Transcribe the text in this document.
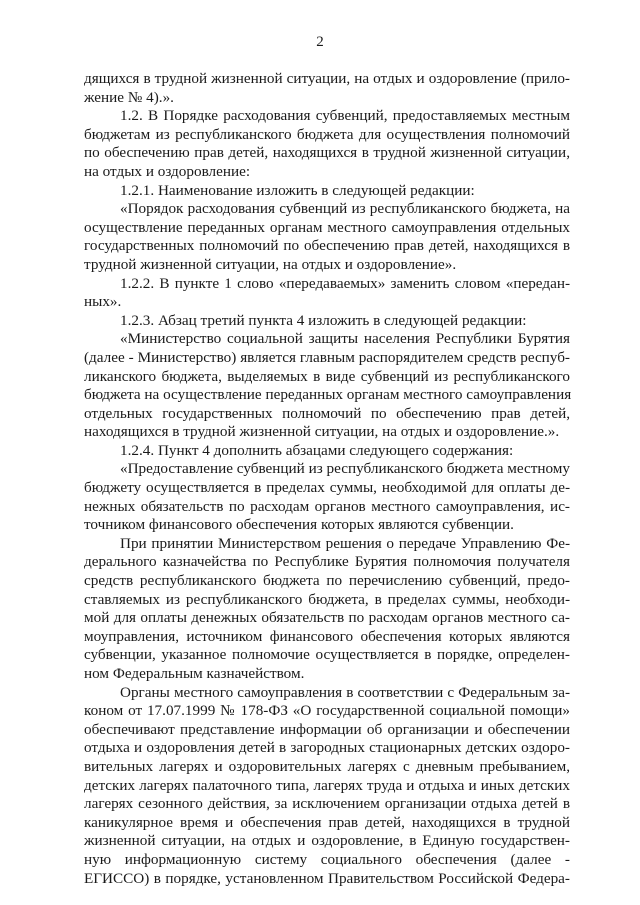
2
дящихся в трудной жизненной ситуации, на отдых и оздоровление (прило-
жение № 4).».
1.2. В Порядке расходования субвенций, предоставляемых местным
бюджетам из республиканского бюджета для осуществления полномочий
по обеспечению прав детей, находящихся в трудной жизненной ситуации,
на отдых и оздоровление:
1.2.1. Наименование изложить в следующей редакции:
«Порядок расходования субвенций из республиканского бюджета, на
осуществление переданных органам местного самоуправления отдельных
государственных полномочий по обеспечению прав детей, находящихся в
трудной жизненной ситуации, на отдых и оздоровление».
1.2.2. В пункте 1 слово «передаваемых» заменить словом «передан-
ных».
1.2.3. Абзац третий пункта 4 изложить в следующей редакции:
«Министерство социальной защиты населения Республики Бурятия
(далее - Министерство) является главным распорядителем средств респуб-
ликанского бюджета, выделяемых в виде субвенций из республиканского
бюджета на осуществление переданных органам местного самоуправления
отдельных государственных полномочий по обеспечению прав детей,
находящихся в трудной жизненной ситуации, на отдых и оздоровление.».
1.2.4. Пункт 4 дополнить абзацами следующего содержания:
«Предоставление субвенций из республиканского бюджета местному
бюджету осуществляется в пределах суммы, необходимой для оплаты де-
нежных обязательств по расходам органов местного самоуправления, ис-
точником финансового обеспечения которых являются субвенции.
При принятии Министерством решения о передаче Управлению Фе-
дерального казначейства по Республике Бурятия полномочия получателя
средств республиканского бюджета по перечислению субвенций, предо-
ставляемых из республиканского бюджета, в пределах суммы, необходи-
мой для оплаты денежных обязательств по расходам органов местного са-
моуправления, источником финансового обеспечения которых являются
субвенции, указанное полномочие осуществляется в порядке, определен-
ном Федеральным казначейством.
Органы местного самоуправления в соответствии с Федеральным за-
коном от 17.07.1999 № 178-ФЗ «О государственной социальной помощи»
обеспечивают представление информации об организации и обеспечении
отдыха и оздоровления детей в загородных стационарных детских оздоро-
вительных лагерях и оздоровительных лагерях с дневным пребыванием,
детских лагерях палаточного типа, лагерях труда и отдыха и иных детских
лагерях сезонного действия, за исключением организации отдыха детей в
каникулярное время и обеспечения прав детей, находящихся в трудной
жизненной ситуации, на отдых и оздоровление, в Единую государствен-
ную информационную систему социального обеспечения (далее -
ЕГИССО) в порядке, установленном Правительством Российской Федера-
